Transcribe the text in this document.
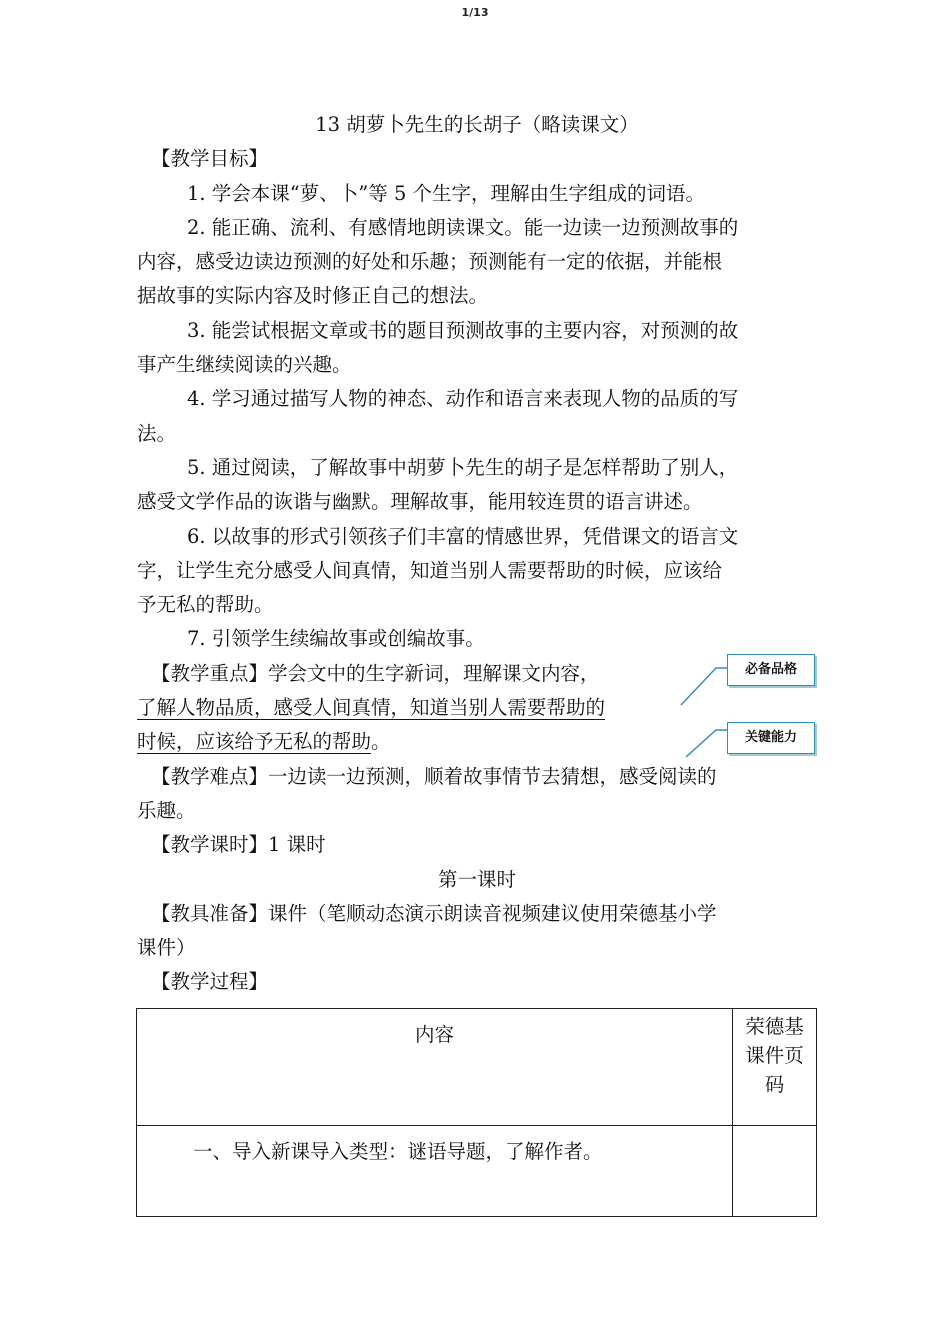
1/13
13 胡萝卜先生的长胡子（略读课文）
【教学目标】
1. 学会本课“萝、卜”等 5 个生字，理解由生字组成的词语。
2. 能正确、流利、有感情地朗读课文。能一边读一边预测故事的
内容，感受边读边预测的好处和乐趣；预测能有一定的依据，并能根
据故事的实际内容及时修正自己的想法。
3. 能尝试根据文章或书的题目预测故事的主要内容，对预测的故
事产生继续阅读的兴趣。
4. 学习通过描写人物的神态、动作和语言来表现人物的品质的写
法。
5. 通过阅读，了解故事中胡萝卜先生的胡子是怎样帮助了别人，
感受文学作品的诙谐与幽默。理解故事，能用较连贯的语言讲述。
6. 以故事的形式引领孩子们丰富的情感世界，凭借课文的语言文
字，让学生充分感受人间真情，知道当别人需要帮助的时候，应该给
予无私的帮助。
7. 引领学生续编故事或创编故事。
【教学重点】学会文中的生字新词，理解课文内容，
了解人物品质，感受人间真情，知道当别人需要帮助的
时候，应该给予无私的帮助。
【教学难点】一边读一边预测，顺着故事情节去猜想，感受阅读的
乐趣。
【教学课时】1 课时
第一课时
【教具准备】课件（笔顺动态演示朗读音视频建议使用荣德基小学
课件）
【教学过程】
必备品格
关键能力
内容	荣德基
课件页
码

一、导入新课导入类型：谜语导题，了解作者。	
